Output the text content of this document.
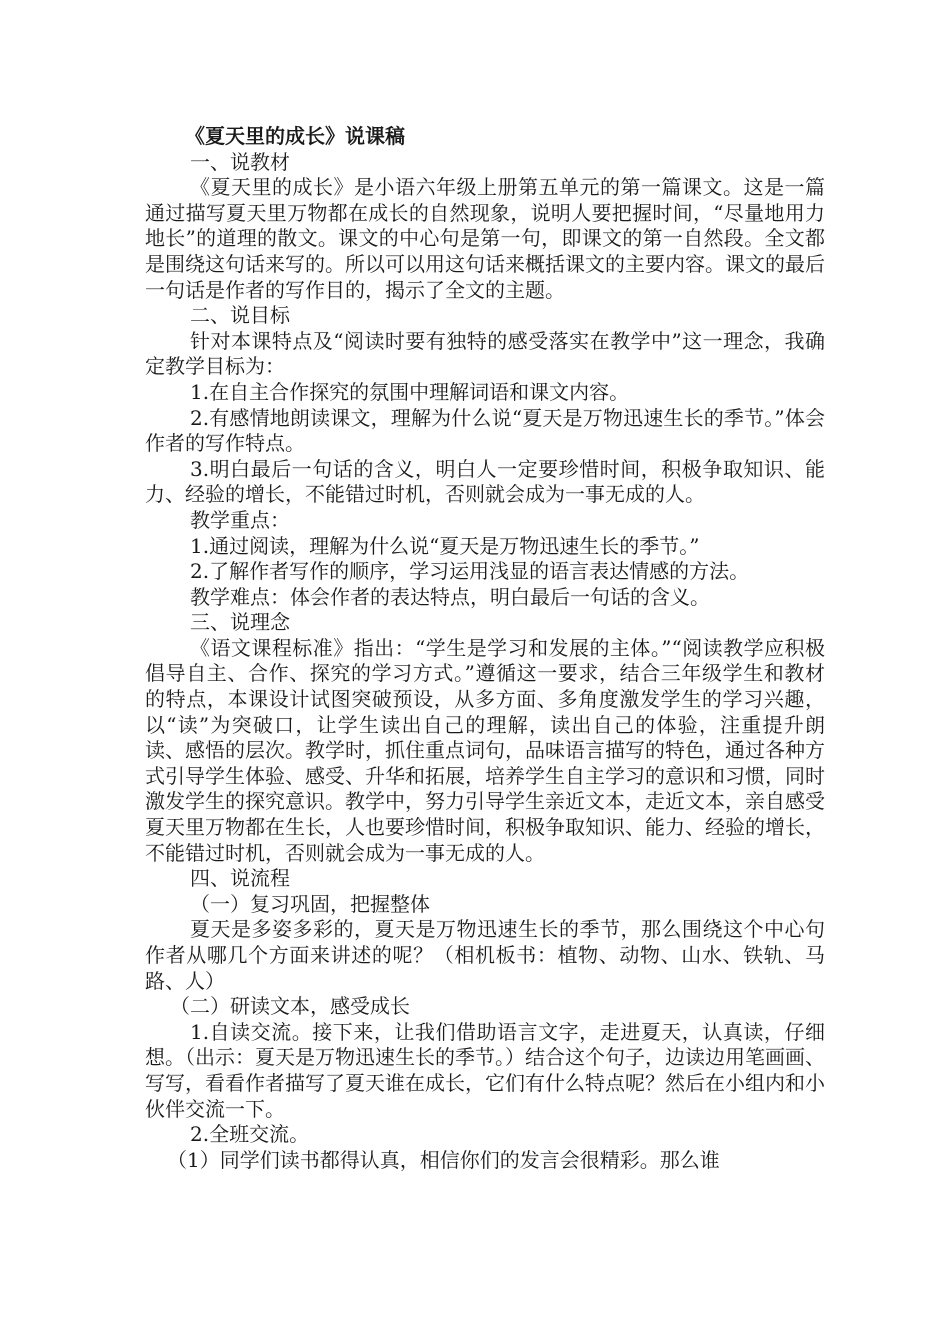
《夏天里的成长》说课稿

一、说教材

《夏天里的成长》是小语六年级上册第五单元的第一篇课文。这是一篇通过描写夏天里万物都在成长的自然现象，说明人要把握时间，“尽量地用力地长”的道理的散文。课文的中心句是第一句，即课文的第一自然段。全文都是围绕这句话来写的。所以可以用这句话来概括课文的主要内容。课文的最后一句话是作者的写作目的，揭示了全文的主题。

二、说目标

针对本课特点及“阅读时要有独特的感受落实在教学中”这一理念，我确定教学目标为：

1.在自主合作探究的氛围中理解词语和课文内容。

2.有感情地朗读课文，理解为什么说“夏天是万物迅速生长的季节。”体会作者的写作特点。

3.明白最后一句话的含义，明白人一定要珍惜时间，积极争取知识、能力、经验的增长，不能错过时机，否则就会成为一事无成的人。

教学重点：

1.通过阅读，理解为什么说“夏天是万物迅速生长的季节。”

2.了解作者写作的顺序，学习运用浅显的语言表达情感的方法。

教学难点：体会作者的表达特点，明白最后一句话的含义。

三、说理念

《语文课程标准》指出：“学生是学习和发展的主体。”“阅读教学应积极倡导自主、合作、探究的学习方式。”遵循这一要求，结合三年级学生和教材的特点，本课设计试图突破预设，从多方面、多角度激发学生的学习兴趣，以“读”为突破口，让学生读出自己的理解，读出自己的体验，注重提升朗读、感悟的层次。教学时，抓住重点词句，品味语言描写的特色，通过各种方式引导学生体验、感受、升华和拓展，培养学生自主学习的意识和习惯，同时激发学生的探究意识。教学中，努力引导学生亲近文本，走近文本，亲自感受夏天里万物都在生长，人也要珍惜时间，积极争取知识、能力、经验的增长，不能错过时机，否则就会成为一事无成的人。

四、说流程

（一）复习巩固，把握整体

夏天是多姿多彩的，夏天是万物迅速生长的季节，那么围绕这个中心句作者从哪几个方面来讲述的呢？（相机板书：植物、动物、山水、铁轨、马路、人）

（二）研读文本，感受成长

1.自读交流。接下来，让我们借助语言文字，走进夏天，认真读，仔细想。（出示：夏天是万物迅速生长的季节。）结合这个句子，边读边用笔画画、写写，看看作者描写了夏天谁在成长，它们有什么特点呢？然后在小组内和小伙伴交流一下。

2.全班交流。

（1）同学们读书都得认真，相信你们的发言会很精彩。那么谁
